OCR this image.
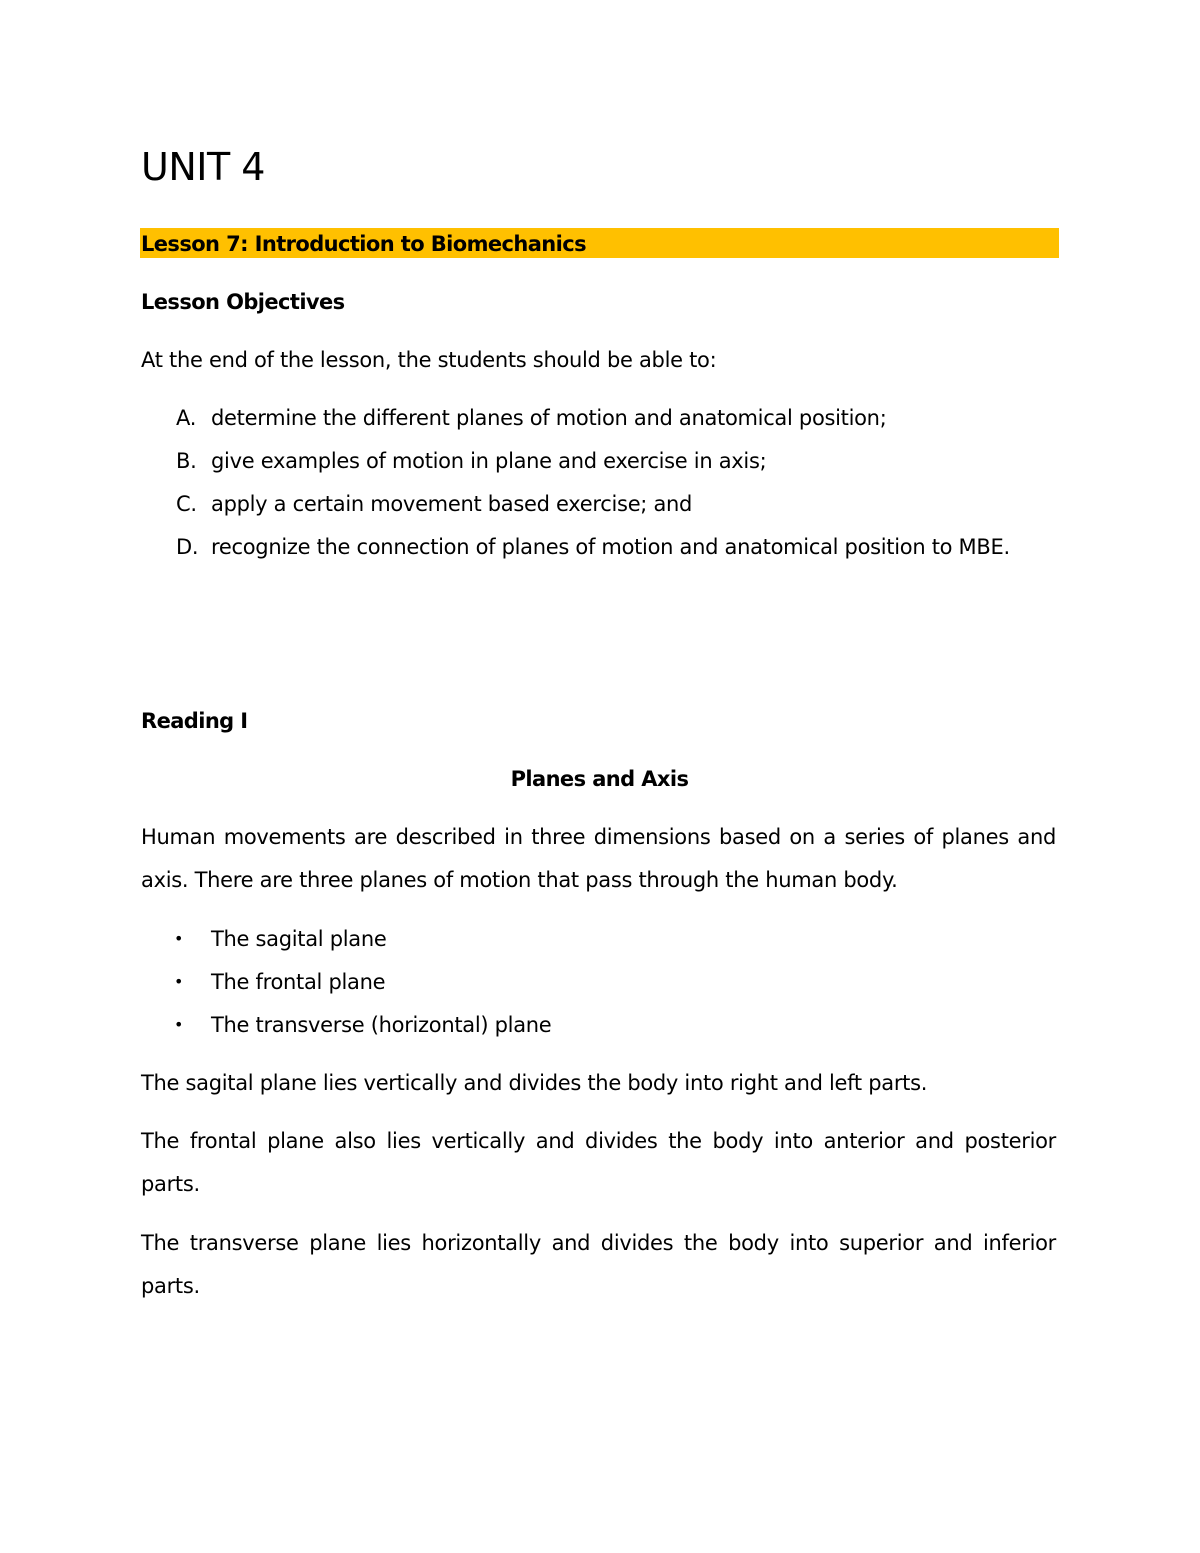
UNIT 4
Lesson 7: Introduction to Biomechanics
Lesson Objectives
At the end of the lesson, the students should be able to:
A. determine the different planes of motion and anatomical position;
B. give examples of motion in plane and exercise in axis;
C. apply a certain movement based exercise; and
D. recognize the connection of planes of motion and anatomical position to MBE.
Reading I
Planes and Axis
Human movements are described in three dimensions based on a series of planes and
axis. There are three planes of motion that pass through the human body.
• The sagital plane
• The frontal plane
• The transverse (horizontal) plane
The sagital plane lies vertically and divides the body into right and left parts.
The frontal plane also lies vertically and divides the body into anterior and posterior
parts.
The transverse plane lies horizontally and divides the body into superior and inferior
parts.
